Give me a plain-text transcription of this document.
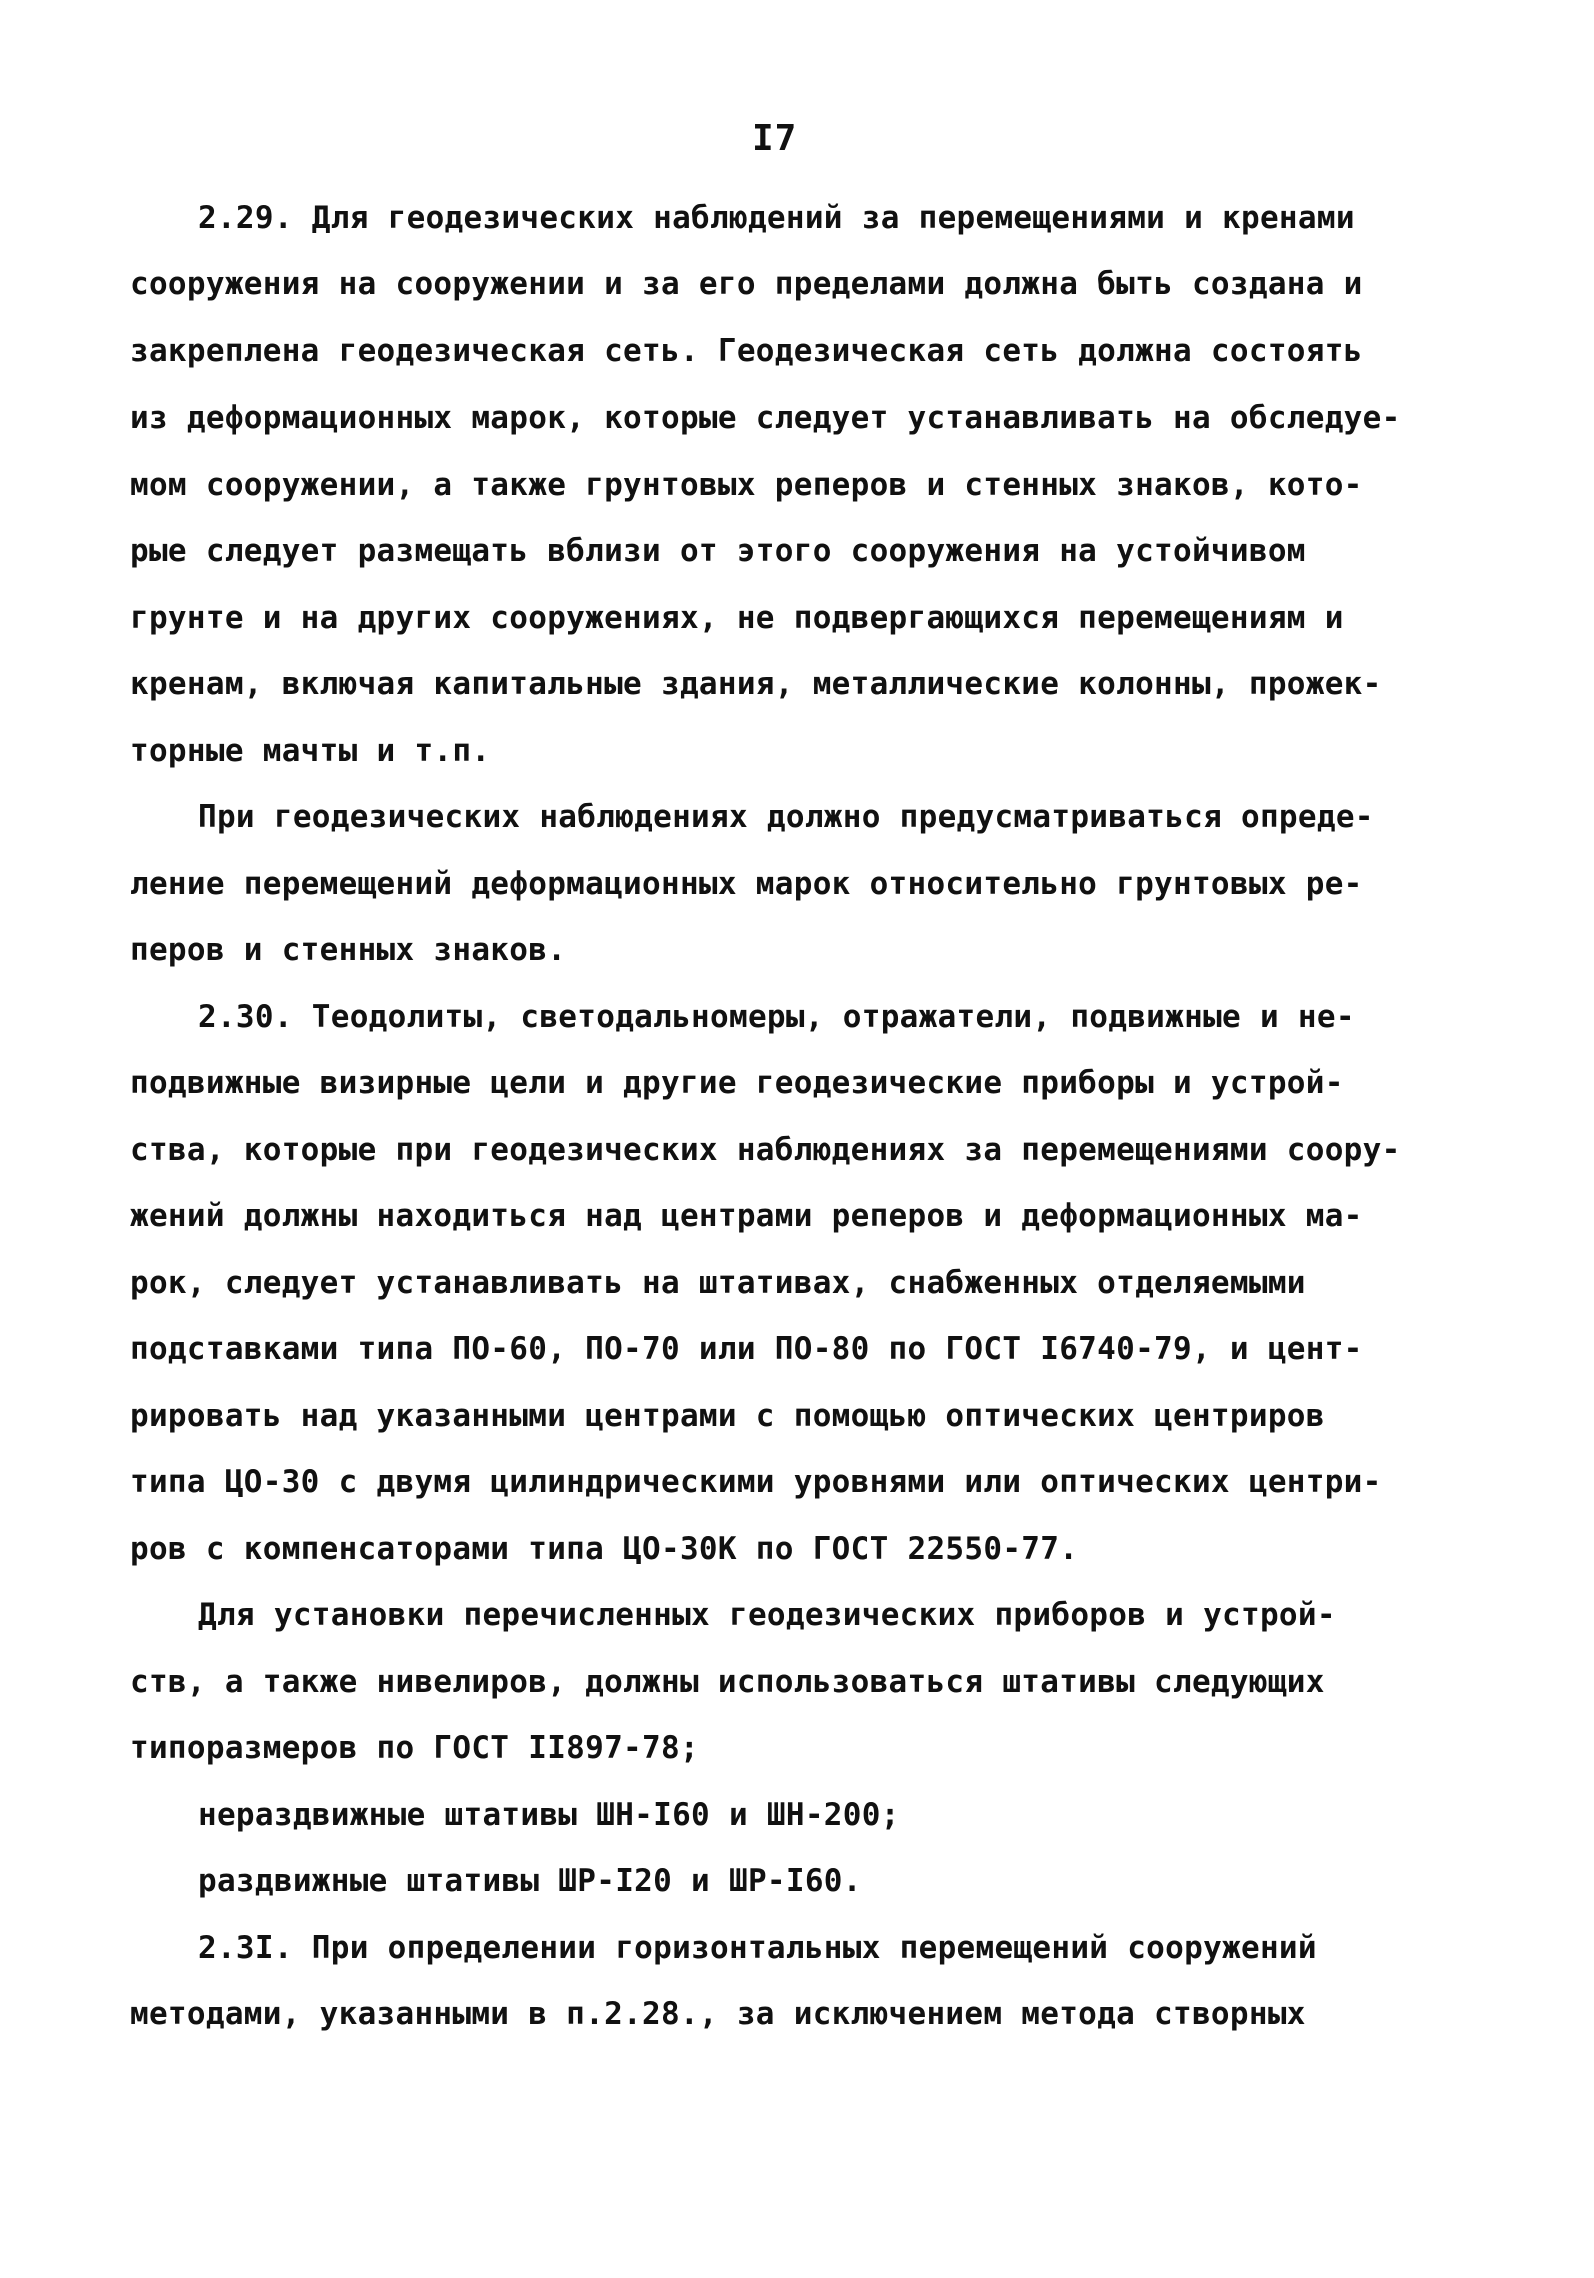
I7
2.29. Для геодезических наблюдений за перемещениями и кренами
сооружения на сооружении и за его пределами должна быть создана и
закреплена геодезическая сеть. Геодезическая сеть должна состоять
из деформационных марок, которые следует устанавливать на обследуе-
мом сооружении, а также грунтовых реперов и стенных знаков, кото-
рые следует размещать вблизи от этого сооружения на устойчивом
грунте и на других сооружениях, не подвергающихся перемещениям и
кренам, включая капитальные здания, металлические колонны, прожек-
торные мачты и т.п.
При геодезических наблюдениях должно предусматриваться опреде-
ление перемещений деформационных марок относительно грунтовых ре-
перов и стенных знаков.
2.30. Теодолиты, светодальномеры, отражатели, подвижные и не-
подвижные визирные цели и другие геодезические приборы и устрой-
ства, которые при геодезических наблюдениях за перемещениями соору-
жений должны находиться над центрами реперов и деформационных ма-
рок, следует устанавливать на штативах, снабженных отделяемыми
подставками типа ПО-60, ПО-70 или ПО-80 по ГОСТ I6740-79, и цент-
рировать над указанными центрами с помощью оптических центриров
типа ЦО-30 с двумя цилиндрическими уровнями или оптических центри-
ров с компенсаторами типа ЦО-30К по ГОСТ 22550-77.
Для установки перечисленных геодезических приборов и устрой-
ств, а также нивелиров, должны использоваться штативы следующих
типоразмеров по ГОСТ II897-78;
нераздвижные штативы ШН-I60 и ШН-200;
раздвижные штативы ШР-I20 и ШР-I60.
2.3I. При определении горизонтальных перемещений сооружений
методами, указанными в п.2.28., за исключением метода створных
